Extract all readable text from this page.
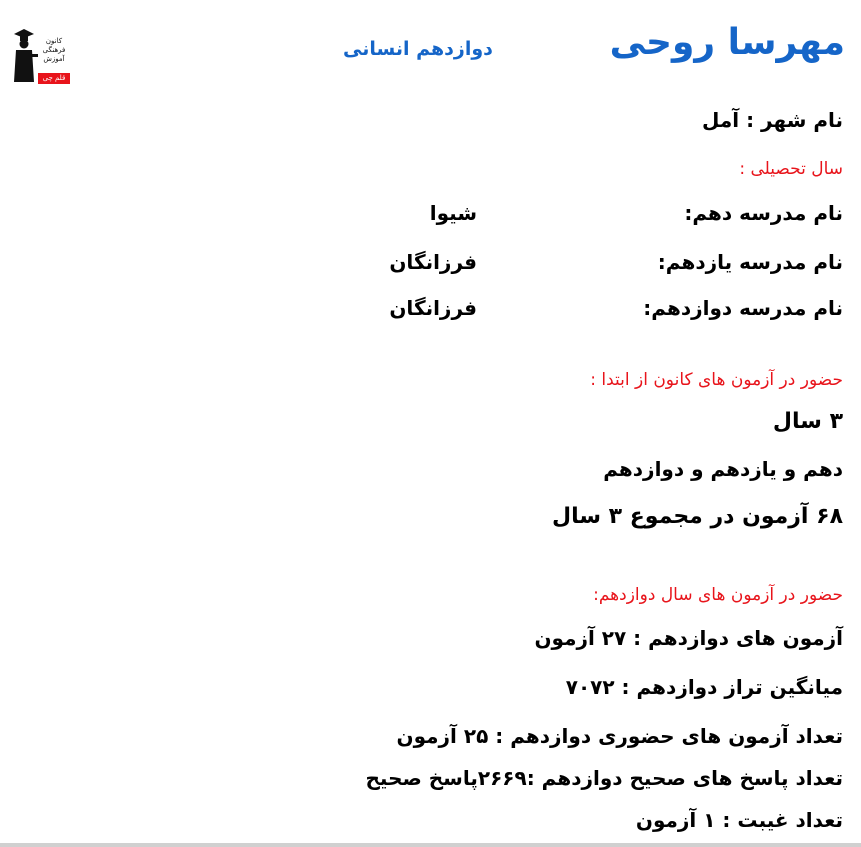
کانون
فرهنگی
آموزش
قلم چی
مهرسا روحی
دوازدهم انسانی
نام شهر : آمل
سال تحصیلی :
نام مدرسه دهم:
شیوا
نام مدرسه یازدهم:
فرزانگان
نام مدرسه دوازدهم:
فرزانگان
حضور در آزمون های کانون از ابتدا :
۳ سال
دهم و یازدهم و دوازدهم
۶۸ آزمون در مجموع ۳ سال
حضور در آزمون های سال دوازدهم:
آزمون های دوازدهم : ۲۷ آزمون
میانگین تراز دوازدهم : ۷۰۷۲
تعداد آزمون های حضوری دوازدهم : ۲۵ آزمون
تعداد پاسخ های صحیح دوازدهم :۲۶۶۹پاسخ صحیح
تعداد غیبت : ۱ آزمون
